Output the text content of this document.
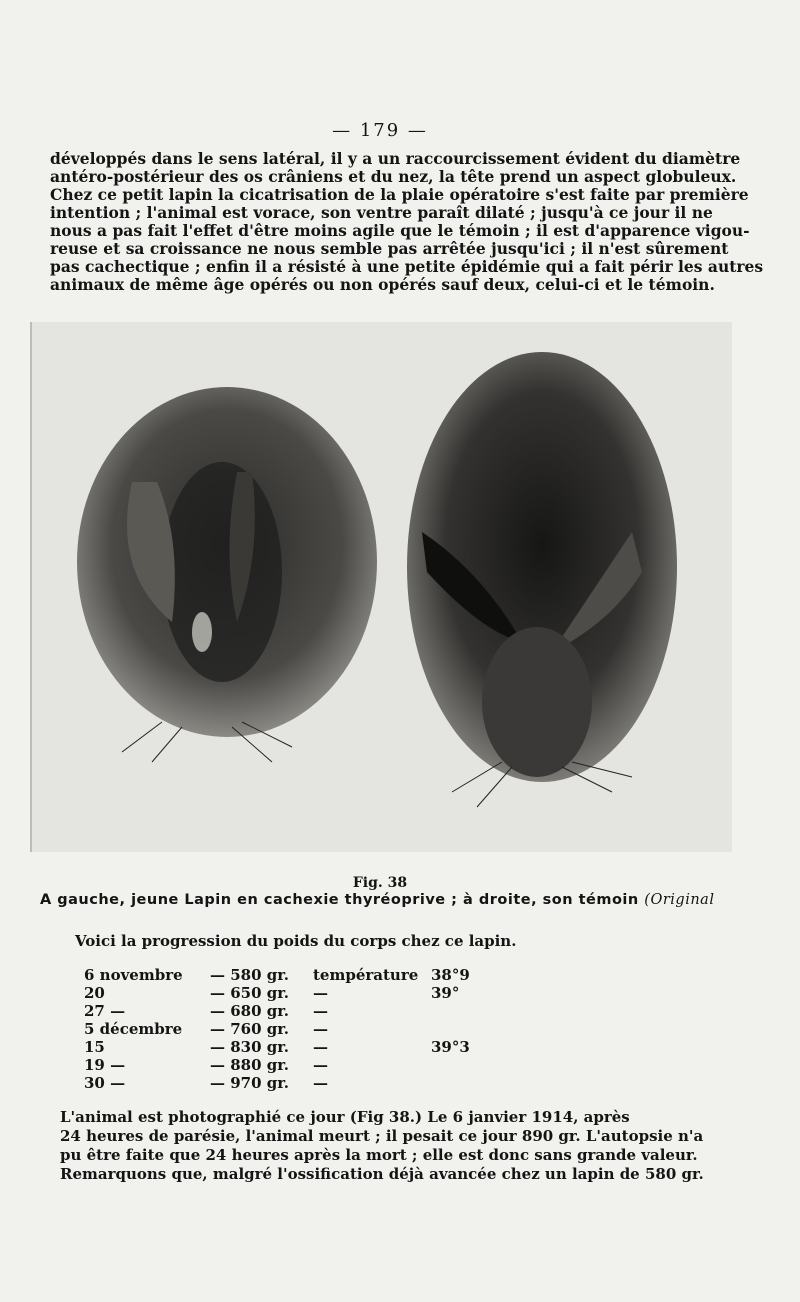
— 179 —
développés dans le sens latéral, il y a un raccourcissement évident du diamètre
antéro-postérieur des os crâniens et du nez, la tête prend un aspect globuleux.
Chez ce petit lapin la cicatrisation de la plaie opératoire s'est faite par première
intention ; l'animal est vorace, son ventre paraît dilaté ; jusqu'à ce jour il ne
nous a pas fait l'effet d'être moins agile que le témoin ; il est d'apparence vigou-
reuse et sa croissance ne nous semble pas arrêtée jusqu'ici ; il n'est sûrement
pas cachectique ; enfin il a résisté à une petite épidémie qui a fait périr les autres
animaux de même âge opérés ou non opérés sauf deux, celui-ci et le témoin.
Fig. 38
A gauche, jeune Lapin en cachexie thyréoprive ; à droite, son témoin (Original
Voici la progression du poids du corps chez ce lapin.
6 novembre	— 580 gr.	température	38°9
20	— 650 gr.	—	39°
27 —	— 680 gr.	—	
5 décembre	— 760 gr.	—	
15	— 830 gr.	—	39°3
19 —	— 880 gr.	—	
30 —	— 970 gr.	—	
L'animal est photographié ce jour (Fig 38.) Le 6 janvier 1914, après
24 heures de parésie, l'animal meurt ; il pesait ce jour 890 gr. L'autopsie n'a
pu être faite que 24 heures après la mort ; elle est donc sans grande valeur.
Remarquons que, malgré l'ossification déjà avancée chez un lapin de 580 gr.
